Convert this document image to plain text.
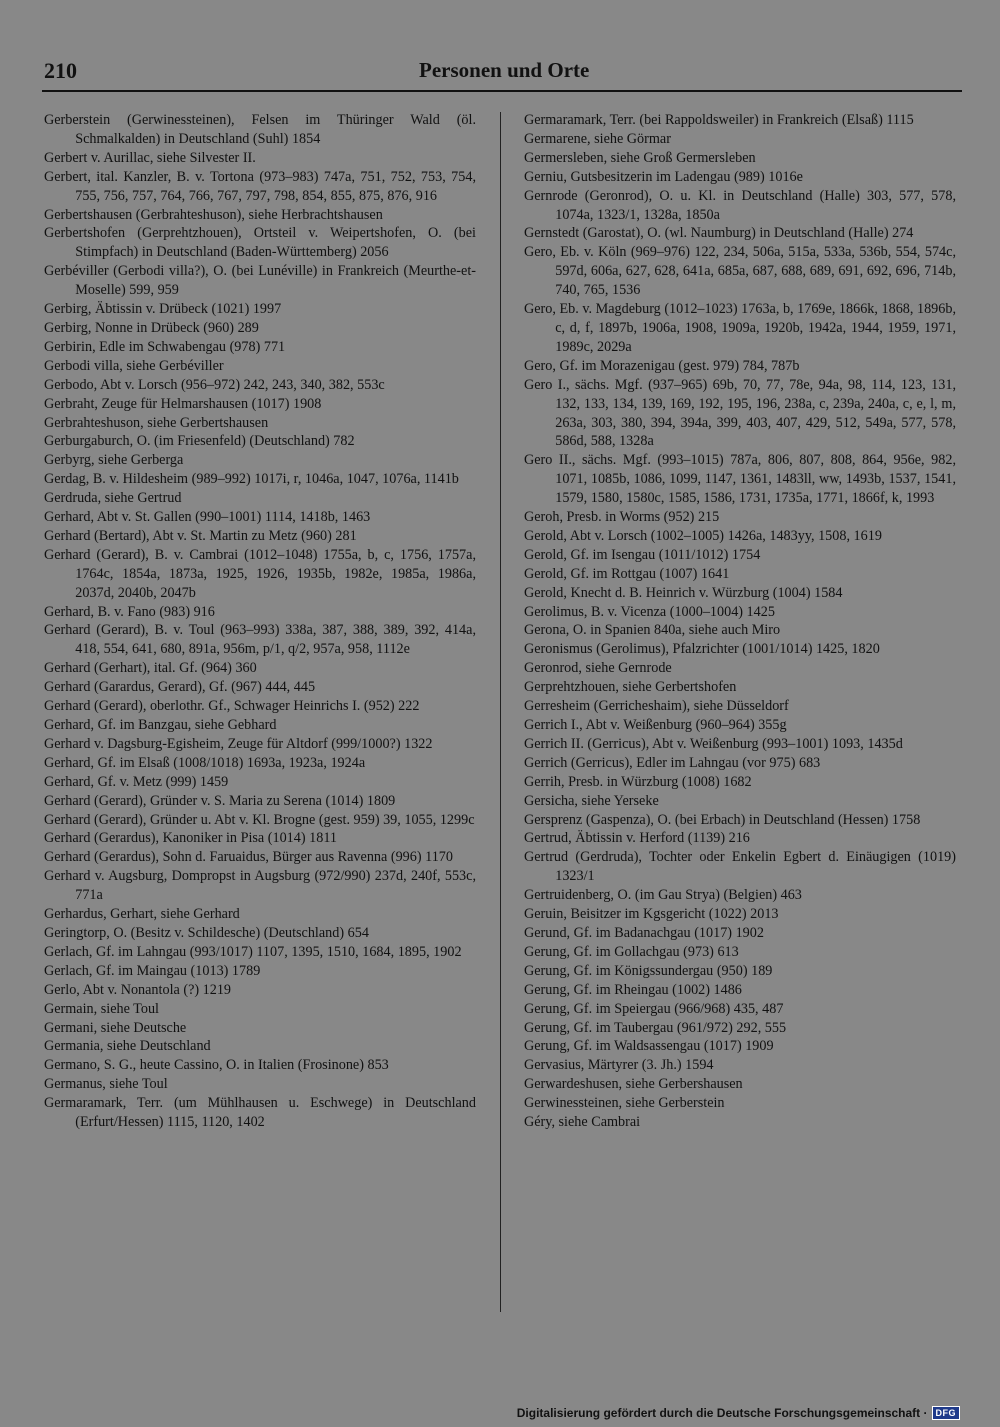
210	Personen und Orte

Gerberstein (Gerwinessteinen), Felsen im Thüringer Wald (öl. Schmalkalden) in Deutschland (Suhl) 1854

Gerbert v. Aurillac, siehe Silvester II.

Gerbert, ital. Kanzler, B. v. Tortona (973–983) 747a, 751, 752, 753, 754, 755, 756, 757, 764, 766, 767, 797, 798, 854, 855, 875, 876, 916

Gerbertshausen (Gerbrahteshuson), siehe Herbrachtshausen

Gerbertshofen (Gerprehtzhouen), Ortsteil v. Weipertshofen, O. (bei Stimpfach) in Deutschland (Baden-Württemberg) 2056

Gerbéviller (Gerbodi villa?), O. (bei Lunéville) in Frankreich (Meurthe-et-Moselle) 599, 959

Gerbirg, Äbtissin v. Drübeck (1021) 1997

Gerbirg, Nonne in Drübeck (960) 289

Gerbirin, Edle im Schwabengau (978) 771

Gerbodi villa, siehe Gerbéviller

Gerbodo, Abt v. Lorsch (956–972) 242, 243, 340, 382, 553c

Gerbraht, Zeuge für Helmarshausen (1017) 1908

Gerbrahteshuson, siehe Gerbertshausen

Gerburgaburch, O. (im Friesenfeld) (Deutschland) 782

Gerbyrg, siehe Gerberga

Gerdag, B. v. Hildesheim (989–992) 1017i, r, 1046a, 1047, 1076a, 1141b

Gerdruda, siehe Gertrud

Gerhard, Abt v. St. Gallen (990–1001) 1114, 1418b, 1463

Gerhard (Bertard), Abt v. St. Martin zu Metz (960) 281

Gerhard (Gerard), B. v. Cambrai (1012–1048) 1755a, b, c, 1756, 1757a, 1764c, 1854a, 1873a, 1925, 1926, 1935b, 1982e, 1985a, 1986a, 2037d, 2040b, 2047b

Gerhard, B. v. Fano (983) 916

Gerhard (Gerard), B. v. Toul (963–993) 338a, 387, 388, 389, 392, 414a, 418, 554, 641, 680, 891a, 956m, p/1, q/2, 957a, 958, 1112e

Gerhard (Gerhart), ital. Gf. (964) 360

Gerhard (Garardus, Gerard), Gf. (967) 444, 445

Gerhard (Gerard), oberlothr. Gf., Schwager Heinrichs I. (952) 222

Gerhard, Gf. im Banzgau, siehe Gebhard

Gerhard v. Dagsburg-Egisheim, Zeuge für Altdorf (999/1000?) 1322

Gerhard, Gf. im Elsaß (1008/1018) 1693a, 1923a, 1924a

Gerhard, Gf. v. Metz (999) 1459

Gerhard (Gerard), Gründer v. S. Maria zu Serena (1014) 1809

Gerhard (Gerard), Gründer u. Abt v. Kl. Brogne (gest. 959) 39, 1055, 1299c

Gerhard (Gerardus), Kanoniker in Pisa (1014) 1811

Gerhard (Gerardus), Sohn d. Faruaidus, Bürger aus Ravenna (996) 1170

Gerhard v. Augsburg, Dompropst in Augsburg (972/990) 237d, 240f, 553c, 771a

Gerhardus, Gerhart, siehe Gerhard

Geringtorp, O. (Besitz v. Schildesche) (Deutschland) 654

Gerlach, Gf. im Lahngau (993/1017) 1107, 1395, 1510, 1684, 1895, 1902

Gerlach, Gf. im Maingau (1013) 1789

Gerlo, Abt v. Nonantola (?) 1219

Germain, siehe Toul

Germani, siehe Deutsche

Germania, siehe Deutschland

Germano, S. G., heute Cassino, O. in Italien (Frosinone) 853

Germanus, siehe Toul

Germaramark, Terr. (um Mühlhausen u. Eschwege) in Deutschland (Erfurt/Hessen) 1115, 1120, 1402

Germaramark, Terr. (bei Rappoldsweiler) in Frankreich (Elsaß) 1115

Germarene, siehe Görmar

Germersleben, siehe Groß Germersleben

Gerniu, Gutsbesitzerin im Ladengau (989) 1016e

Gernrode (Geronrod), O. u. Kl. in Deutschland (Halle) 303, 577, 578, 1074a, 1323/1, 1328a, 1850a

Gernstedt (Garostat), O. (wl. Naumburg) in Deutschland (Halle) 274

Gero, Eb. v. Köln (969–976) 122, 234, 506a, 515a, 533a, 536b, 554, 574c, 597d, 606a, 627, 628, 641a, 685a, 687, 688, 689, 691, 692, 696, 714b, 740, 765, 1536

Gero, Eb. v. Magdeburg (1012–1023) 1763a, b, 1769e, 1866k, 1868, 1896b, c, d, f, 1897b, 1906a, 1908, 1909a, 1920b, 1942a, 1944, 1959, 1971, 1989c, 2029a

Gero, Gf. im Morazenigau (gest. 979) 784, 787b

Gero I., sächs. Mgf. (937–965) 69b, 70, 77, 78e, 94a, 98, 114, 123, 131, 132, 133, 134, 139, 169, 192, 195, 196, 238a, c, 239a, 240a, c, e, l, m, 263a, 303, 380, 394, 394a, 399, 403, 407, 429, 512, 549a, 577, 578, 586d, 588, 1328a

Gero II., sächs. Mgf. (993–1015) 787a, 806, 807, 808, 864, 956e, 982, 1071, 1085b, 1086, 1099, 1147, 1361, 1483ll, ww, 1493b, 1537, 1541, 1579, 1580, 1580c, 1585, 1586, 1731, 1735a, 1771, 1866f, k, 1993

Geroh, Presb. in Worms (952) 215

Gerold, Abt v. Lorsch (1002–1005) 1426a, 1483yy, 1508, 1619

Gerold, Gf. im Isengau (1011/1012) 1754

Gerold, Gf. im Rottgau (1007) 1641

Gerold, Knecht d. B. Heinrich v. Würzburg (1004) 1584

Gerolimus, B. v. Vicenza (1000–1004) 1425

Gerona, O. in Spanien 840a, siehe auch Miro

Geronismus (Gerolimus), Pfalzrichter (1001/1014) 1425, 1820

Geronrod, siehe Gernrode

Gerprehtzhouen, siehe Gerbertshofen

Gerresheim (Gerricheshaim), siehe Düsseldorf

Gerrich I., Abt v. Weißenburg (960–964) 355g

Gerrich II. (Gerricus), Abt v. Weißenburg (993–1001) 1093, 1435d

Gerrich (Gerricus), Edler im Lahngau (vor 975) 683

Gerrih, Presb. in Würzburg (1008) 1682

Gersicha, siehe Yerseke

Gersprenz (Gaspenza), O. (bei Erbach) in Deutschland (Hessen) 1758

Gertrud, Äbtissin v. Herford (1139) 216

Gertrud (Gerdruda), Tochter oder Enkelin Egbert d. Einäugigen (1019) 1323/1

Gertruidenberg, O. (im Gau Strya) (Belgien) 463

Geruin, Beisitzer im Kgsgericht (1022) 2013

Gerund, Gf. im Badanachgau (1017) 1902

Gerung, Gf. im Gollachgau (973) 613

Gerung, Gf. im Königssundergau (950) 189

Gerung, Gf. im Rheingau (1002) 1486

Gerung, Gf. im Speiergau (966/968) 435, 487

Gerung, Gf. im Taubergau (961/972) 292, 555

Gerung, Gf. im Waldsassengau (1017) 1909

Gervasius, Märtyrer (3. Jh.) 1594

Gerwardeshusen, siehe Gerbershausen

Gerwinessteinen, siehe Gerberstein

Géry, siehe Cambrai

Digitalisierung gefördert durch die Deutsche Forschungsgemeinschaft · DFG
